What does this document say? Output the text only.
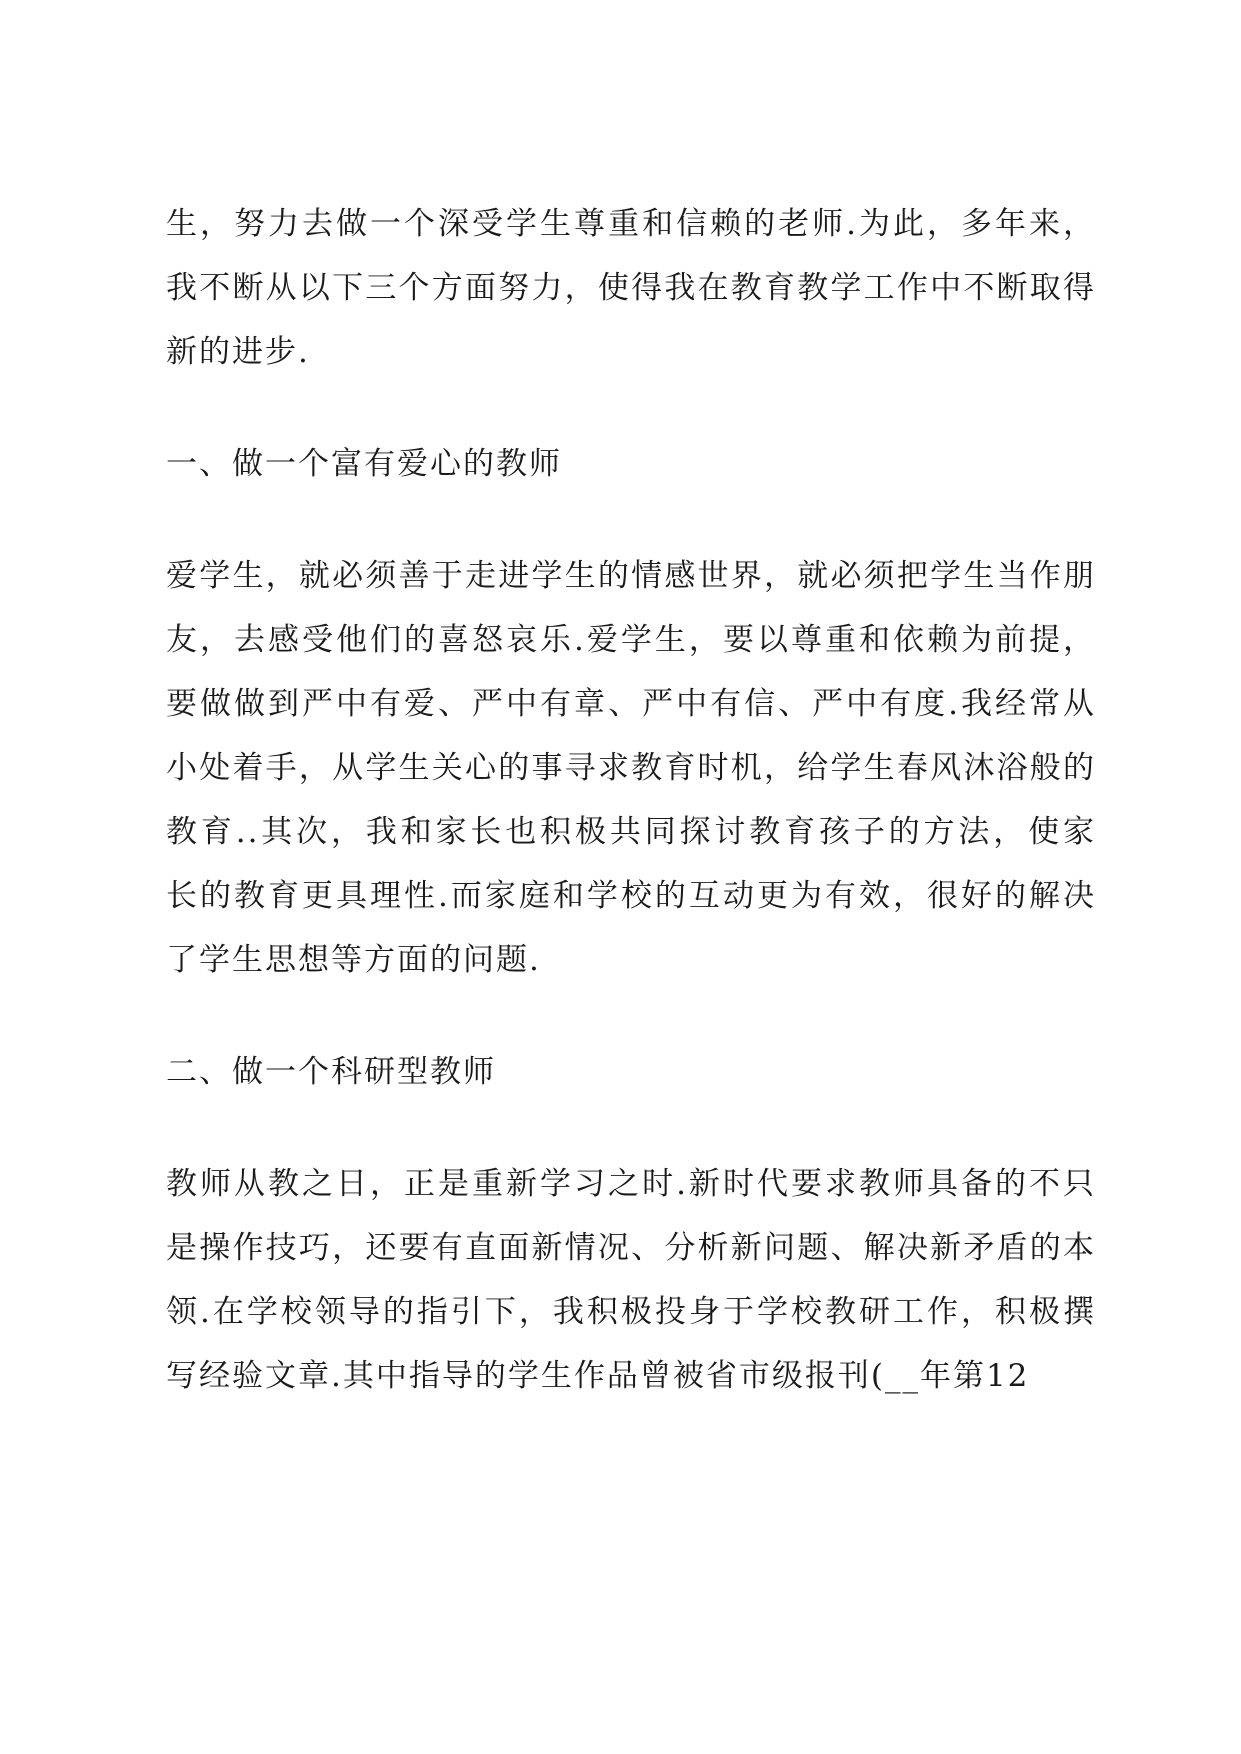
生，努力去做一个深受学生尊重和信赖的老师.为此，多年来，
我不断从以下三个方面努力，使得我在教育教学工作中不断取得
新的进步.
一、做一个富有爱心的教师
爱学生，就必须善于走进学生的情感世界，就必须把学生当作朋
友，去感受他们的喜怒哀乐.爱学生，要以尊重和依赖为前提，
要做做到严中有爱、严中有章、严中有信、严中有度.我经常从
小处着手，从学生关心的事寻求教育时机，给学生春风沐浴般的
教育..其次，我和家长也积极共同探讨教育孩子的方法，使家
长的教育更具理性.而家庭和学校的互动更为有效，很好的解决
了学生思想等方面的问题.
二、做一个科研型教师
教师从教之日，正是重新学习之时.新时代要求教师具备的不只
是操作技巧，还要有直面新情况、分析新问题、解决新矛盾的本
领.在学校领导的指引下，我积极投身于学校教研工作，积极撰
写经验文章.其中指导的学生作品曾被省市级报刊(__年第12
